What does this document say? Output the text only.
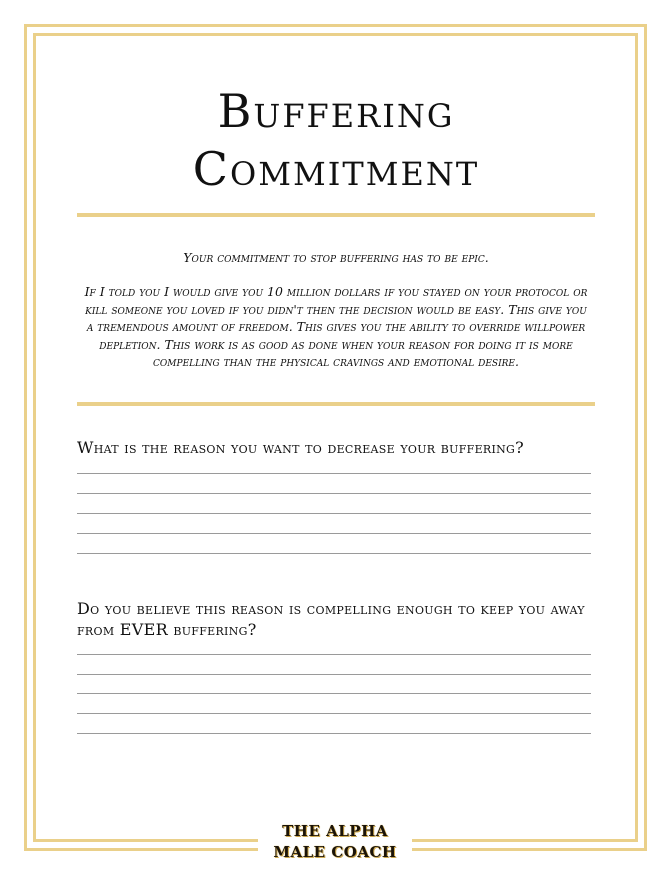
Buffering
Commitment
Your commitment to stop buffering has to be epic.
If I told you I would give you 10 million dollars if you stayed on your protocol or kill someone you loved if you didn't then the decision would be easy. This give you a tremendous amount of freedom. This gives you the ability to override willpower depletion. This work is as good as done when your reason for doing it is more compelling than the physical cravings and emotional desire.
What is the reason you want to decrease your buffering?
Do you believe this reason is compelling enough to keep you away from EVER buffering?
THE ALPHA
MALE COACH
